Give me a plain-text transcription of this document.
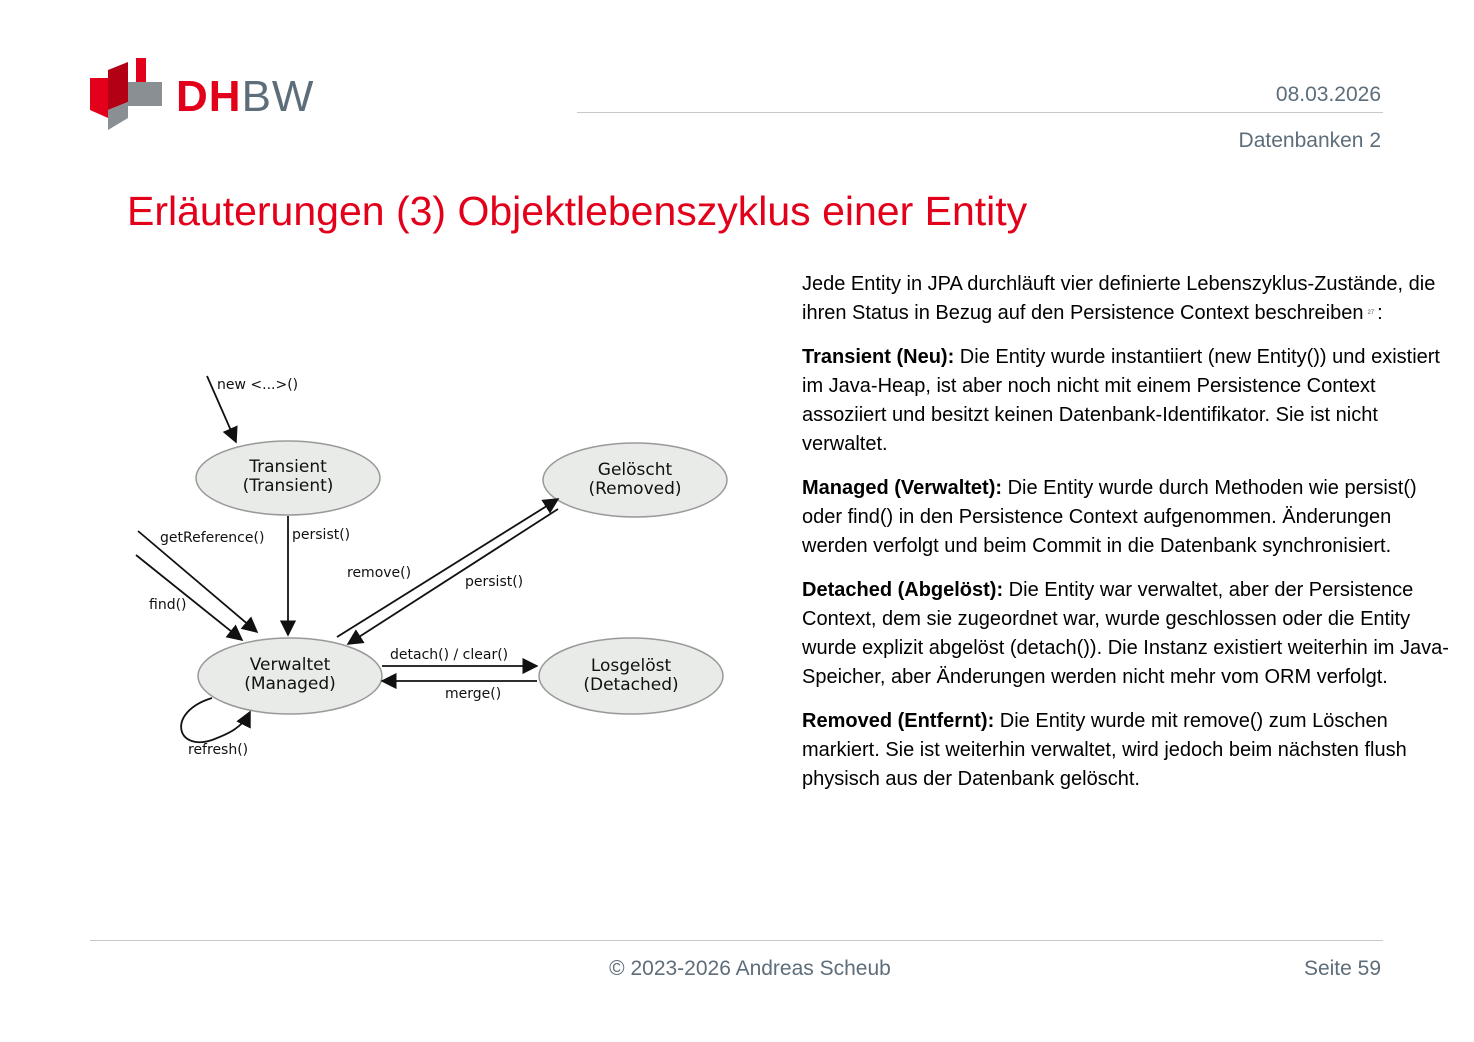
DHBW	08.03.2026
Datenbanken 2
Erläuterungen (3) Objektlebenszyklus einer Entity
Transient
(Transient)
Gelöscht
(Removed)
Verwaltet
(Managed)
Losgelöst
(Detached)
new <...>()
persist()
getReference()
find()
remove()
persist()
detach() / clear()
merge()
refresh()

Jede Entity in JPA durchläuft vier definierte Lebenszyklus-Zustände, die ihren Status in Bezug auf den Persistence Context beschreiben 27 :

Transient (Neu): Die Entity wurde instantiiert (new Entity()) und existiert im Java-Heap, ist aber noch nicht mit einem Persistence Context assoziiert und besitzt keinen Datenbank-Identifikator. Sie ist nicht verwaltet.

Managed (Verwaltet): Die Entity wurde durch Methoden wie persist() oder find() in den Persistence Context aufgenommen. Änderungen werden verfolgt und beim Commit in die Datenbank synchronisiert.

Detached (Abgelöst): Die Entity war verwaltet, aber der Persistence Context, dem sie zugeordnet war, wurde geschlossen oder die Entity wurde explizit abgelöst (detach()). Die Instanz existiert weiterhin im Java-Speicher, aber Änderungen werden nicht mehr vom ORM verfolgt.

Removed (Entfernt): Die Entity wurde mit remove() zum Löschen markiert. Sie ist weiterhin verwaltet, wird jedoch beim nächsten flush physisch aus der Datenbank gelöscht.

© 2023-2026 Andreas Scheub	Seite 59
